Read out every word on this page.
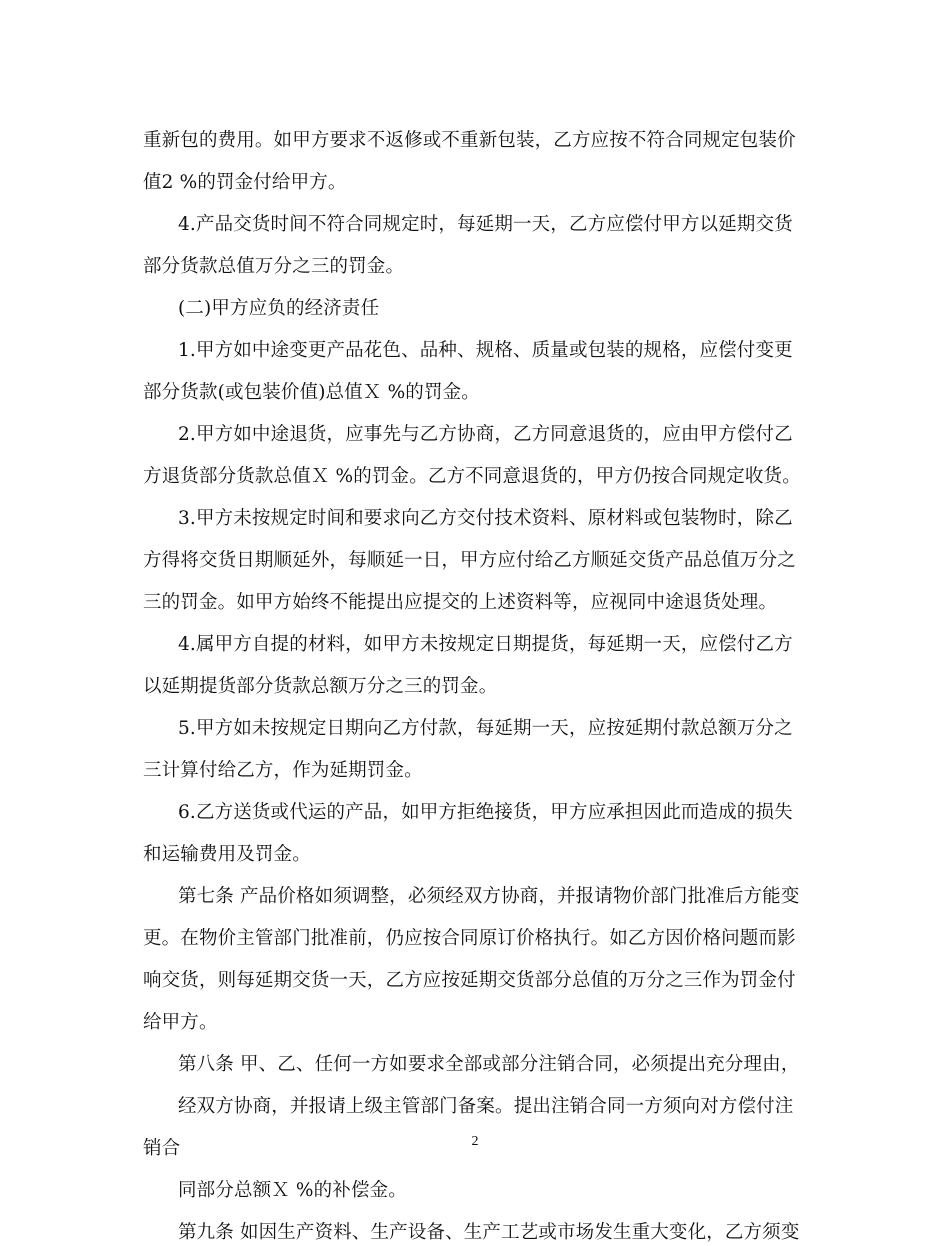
重新包的费用。如甲方要求不返修或不重新包装，乙方应按不符合同规定包装价
值2 %的罚金付给甲方。
4.产品交货时间不符合同规定时，每延期一天，乙方应偿付甲方以延期交货
部分货款总值万分之三的罚金。
(二)甲方应负的经济责任
1.甲方如中途变更产品花色、品种、规格、质量或包装的规格，应偿付变更
部分货款(或包装价值)总值Ｘ %的罚金。
2.甲方如中途退货，应事先与乙方协商，乙方同意退货的，应由甲方偿付乙
方退货部分货款总值Ｘ %的罚金。乙方不同意退货的，甲方仍按合同规定收货。
3.甲方未按规定时间和要求向乙方交付技术资料、原材料或包装物时，除乙
方得将交货日期顺延外，每顺延一日，甲方应付给乙方顺延交货产品总值万分之
三的罚金。如甲方始终不能提出应提交的上述资料等，应视同中途退货处理。
4.属甲方自提的材料，如甲方未按规定日期提货，每延期一天，应偿付乙方
以延期提货部分货款总额万分之三的罚金。
5.甲方如未按规定日期向乙方付款，每延期一天，应按延期付款总额万分之
三计算付给乙方，作为延期罚金。
6.乙方送货或代运的产品，如甲方拒绝接货，甲方应承担因此而造成的损失
和运输费用及罚金。
第七条 产品价格如须调整，必须经双方协商，并报请物价部门批准后方能变
更。在物价主管部门批准前，仍应按合同原订价格执行。如乙方因价格问题而影
响交货，则每延期交货一天，乙方应按延期交货部分总值的万分之三作为罚金付
给甲方。
第八条 甲、乙、任何一方如要求全部或部分注销合同，必须提出充分理由，
经双方协商，并报请上级主管部门备案。提出注销合同一方须向对方偿付注
销合
同部分总额Ｘ %的补偿金。
第九条 如因生产资料、生产设备、生产工艺或市场发生重大变化，乙方须变
2
